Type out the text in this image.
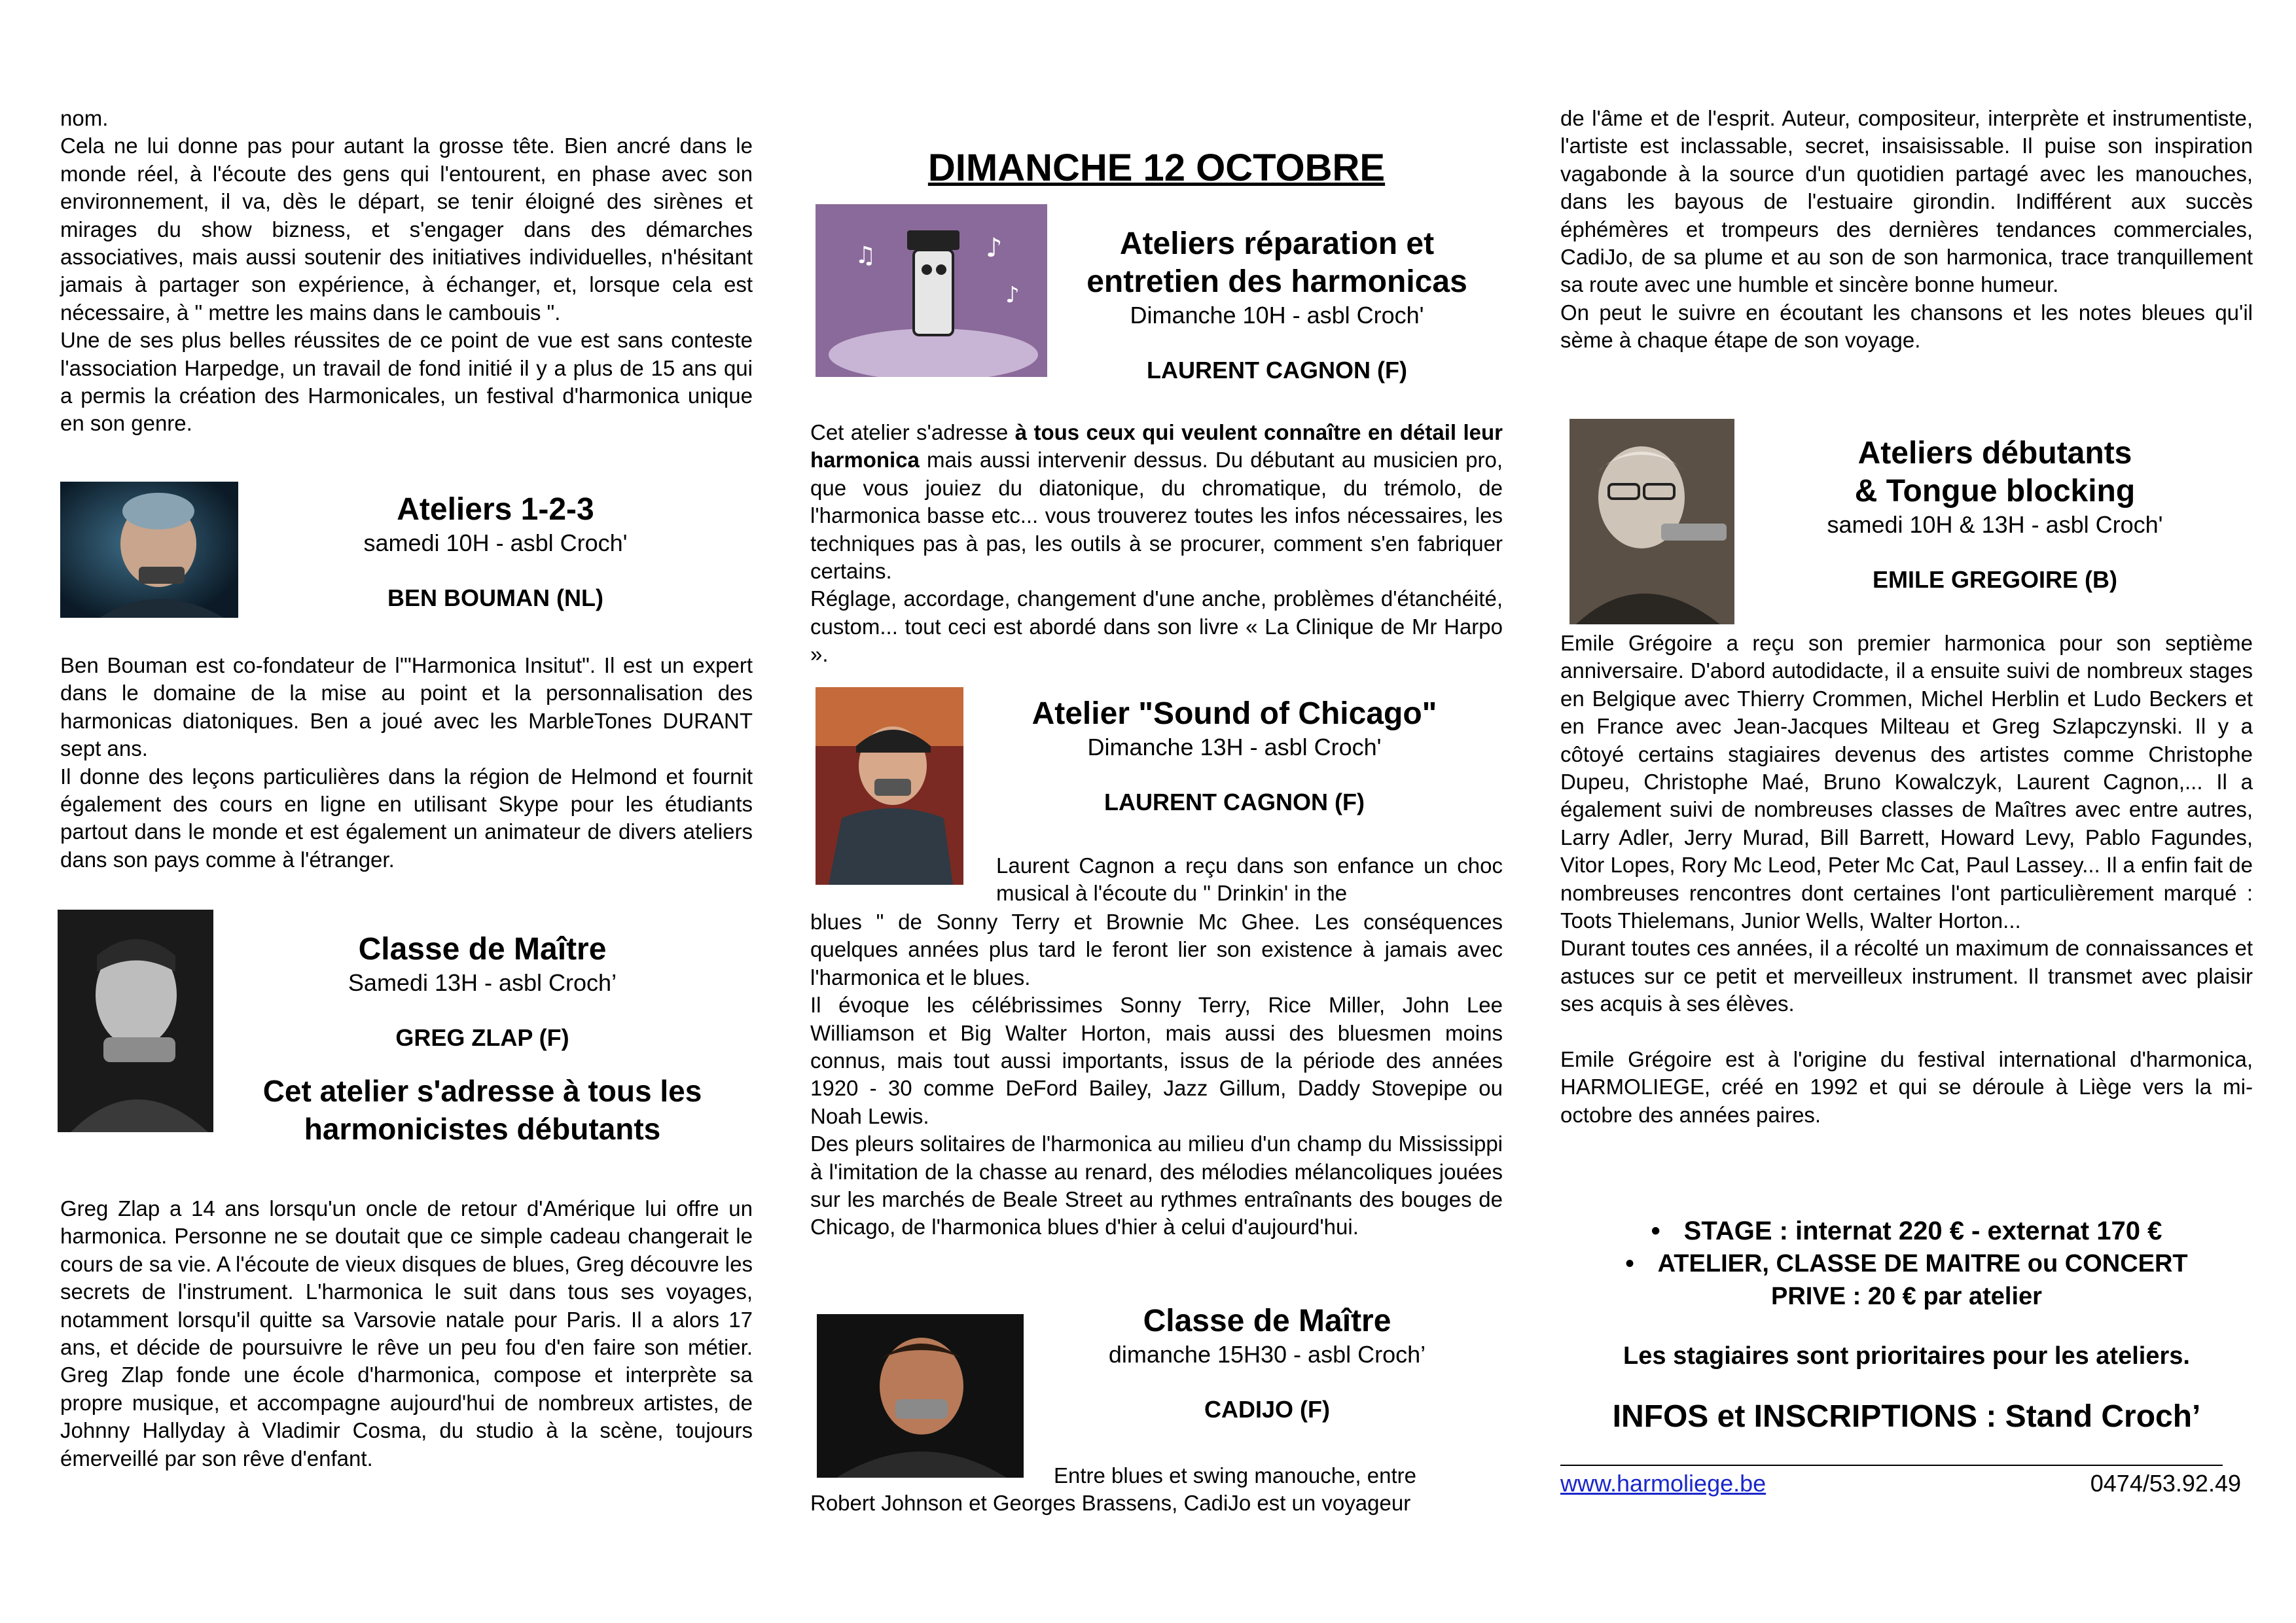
nom.

Cela ne lui donne pas pour autant la grosse tête. Bien ancré dans le monde réel, à l'écoute des gens qui l'entourent, en phase avec son environnement, il va, dès le départ, se tenir éloigné des sirènes et mirages du show bizness, et s'engager dans des démarches associatives, mais aussi soutenir des initiatives individuelles, n'hésitant jamais à partager son expérience, à échanger, et, lorsque cela est nécessaire, à " mettre les mains dans le cambouis ".

Une de ses plus belles réussites de ce point de vue est sans conteste l'association Harpedge, un travail de fond initié il y a plus de 15 ans qui a permis la création des Harmonicales, un festival d'harmonica unique en son genre.

Ateliers 1-2-3
samedi 10H - asbl Croch'
BEN BOUMAN (NL)

Ben Bouman est co-fondateur de l'"Harmonica Insitut". Il est un expert dans le domaine de la mise au point et la personnalisation des harmonicas diatoniques. Ben a joué avec les MarbleTones DURANT sept ans.

Il donne des leçons particulières dans la région de Helmond et fournit également des cours en ligne en utilisant Skype pour les étudiants partout dans le monde et est également un animateur de divers ateliers dans son pays comme à l'étranger.

Classe de Maître
Samedi 13H - asbl Croch’
GREG ZLAP (F)
Cet atelier s'adresse à tous les harmonicistes débutants

Greg Zlap a 14 ans lorsqu'un oncle de retour d'Amérique lui offre un harmonica. Personne ne se doutait que ce simple cadeau changerait le cours de sa vie. A l'écoute de vieux disques de blues, Greg découvre les secrets de l'instrument. L'harmonica le suit dans tous ses voyages, notamment lorsqu'il quitte sa Varsovie natale pour Paris. Il a alors 17 ans, et décide de poursuivre le rêve un peu fou d'en faire son métier. Greg Zlap fonde une école d'harmonica, compose et interprète sa propre musique, et accompagne aujourd'hui de nombreux artistes, de Johnny Hallyday à Vladimir Cosma, du studio à la scène, toujours émerveillé par son rêve d'enfant.

DIMANCHE 12 OCTOBRE
♪
♫
♪
Ateliers réparation et
entretien des harmonicas
Dimanche 10H - asbl Croch'
LAURENT CAGNON (F)

Cet atelier s'adresse à tous ceux qui veulent connaître en détail leur harmonica mais aussi intervenir dessus. Du débutant au musicien pro, que vous jouiez du diatonique, du chromatique, du trémolo, de l'harmonica basse etc... vous trouverez toutes les infos nécessaires, les techniques pas à pas, les outils à se procurer, comment s'en fabriquer certains.

Réglage, accordage, changement d'une anche, problèmes d'étanchéité, custom... tout ceci est abordé dans son livre « La Clinique de Mr Harpo ».

Atelier "Sound of Chicago"
Dimanche 13H - asbl Croch'
LAURENT CAGNON (F)

Laurent Cagnon a reçu dans son enfance un choc musical à l'écoute du " Drinkin' in the

blues " de Sonny Terry et Brownie Mc Ghee. Les conséquences quelques années plus tard le feront lier son existence à jamais avec l'harmonica et le blues.

Il évoque les célébrissimes Sonny Terry, Rice Miller, John Lee Williamson et Big Walter Horton, mais aussi des bluesmen moins connus, mais tout aussi importants, issus de la période des années 1920 - 30 comme DeFord Bailey, Jazz Gillum, Daddy Stovepipe ou Noah Lewis.

Des pleurs solitaires de l'harmonica au milieu d'un champ du Mississippi à l'imitation de la chasse au renard, des mélodies mélancoliques jouées sur les marchés de Beale Street au rythmes entraînants des bouges de Chicago, de l'harmonica blues d'hier à celui d'aujourd'hui.

Classe de Maître
dimanche 15H30 - asbl Croch’
CADIJO (F)

Entre blues et swing manouche, entre

Robert Johnson et Georges Brassens, CadiJo est un voyageur

de l'âme et de l'esprit. Auteur, compositeur, interprète et instrumentiste, l'artiste est inclassable, secret, insaisissable. Il puise son inspiration vagabonde à la source d'un quotidien partagé avec les manouches, dans les bayous de l'estuaire girondin. Indifférent aux succès éphémères et trompeurs des dernières tendances commerciales, CadiJo, de sa plume et au son de son harmonica, trace tranquillement sa route avec une humble et sincère bonne humeur.

On peut le suivre en écoutant les chansons et les notes bleues qu'il sème à chaque étape de son voyage.

Ateliers débutants
& Tongue blocking
samedi 10H & 13H - asbl Croch'
EMILE GREGOIRE (B)

Emile Grégoire a reçu son premier harmonica pour son septième anniversaire. D'abord autodidacte, il a ensuite suivi de nombreux stages en Belgique avec Thierry Crommen, Michel Herblin et Ludo Beckers et en France avec Jean-Jacques Milteau et Greg Szlapczynski. Il y a côtoyé certains stagiaires devenus des artistes comme Christophe Dupeu, Christophe Maé, Bruno Kowalczyk, Laurent Cagnon,... Il a également suivi de nombreuses classes de Maîtres avec entre autres, Larry Adler, Jerry Murad, Bill Barrett, Howard Levy, Pablo Fagundes, Vitor Lopes, Rory Mc Leod, Peter Mc Cat, Paul Lassey... Il a enfin fait de nombreuses rencontres dont certaines l'ont particulièrement marqué : Toots Thielemans, Junior Wells, Walter Horton...

Durant toutes ces années, il a récolté un maximum de connaissances et astuces sur ce petit et merveilleux instrument. Il transmet avec plaisir ses acquis à ses élèves.

Emile Grégoire est à l'origine du festival international d'harmonica, HARMOLIEGE, créé en 1992 et qui se déroule à Liège vers la mi-octobre des années paires.

• STAGE : internat 220 € - externat 170 €
• ATELIER, CLASSE DE MAITRE ou CONCERT
PRIVE : 20 € par atelier
Les stagiaires sont prioritaires pour les ateliers.
INFOS et INSCRIPTIONS : Stand Croch’
www.harmoliege.be	0474/53.92.49
